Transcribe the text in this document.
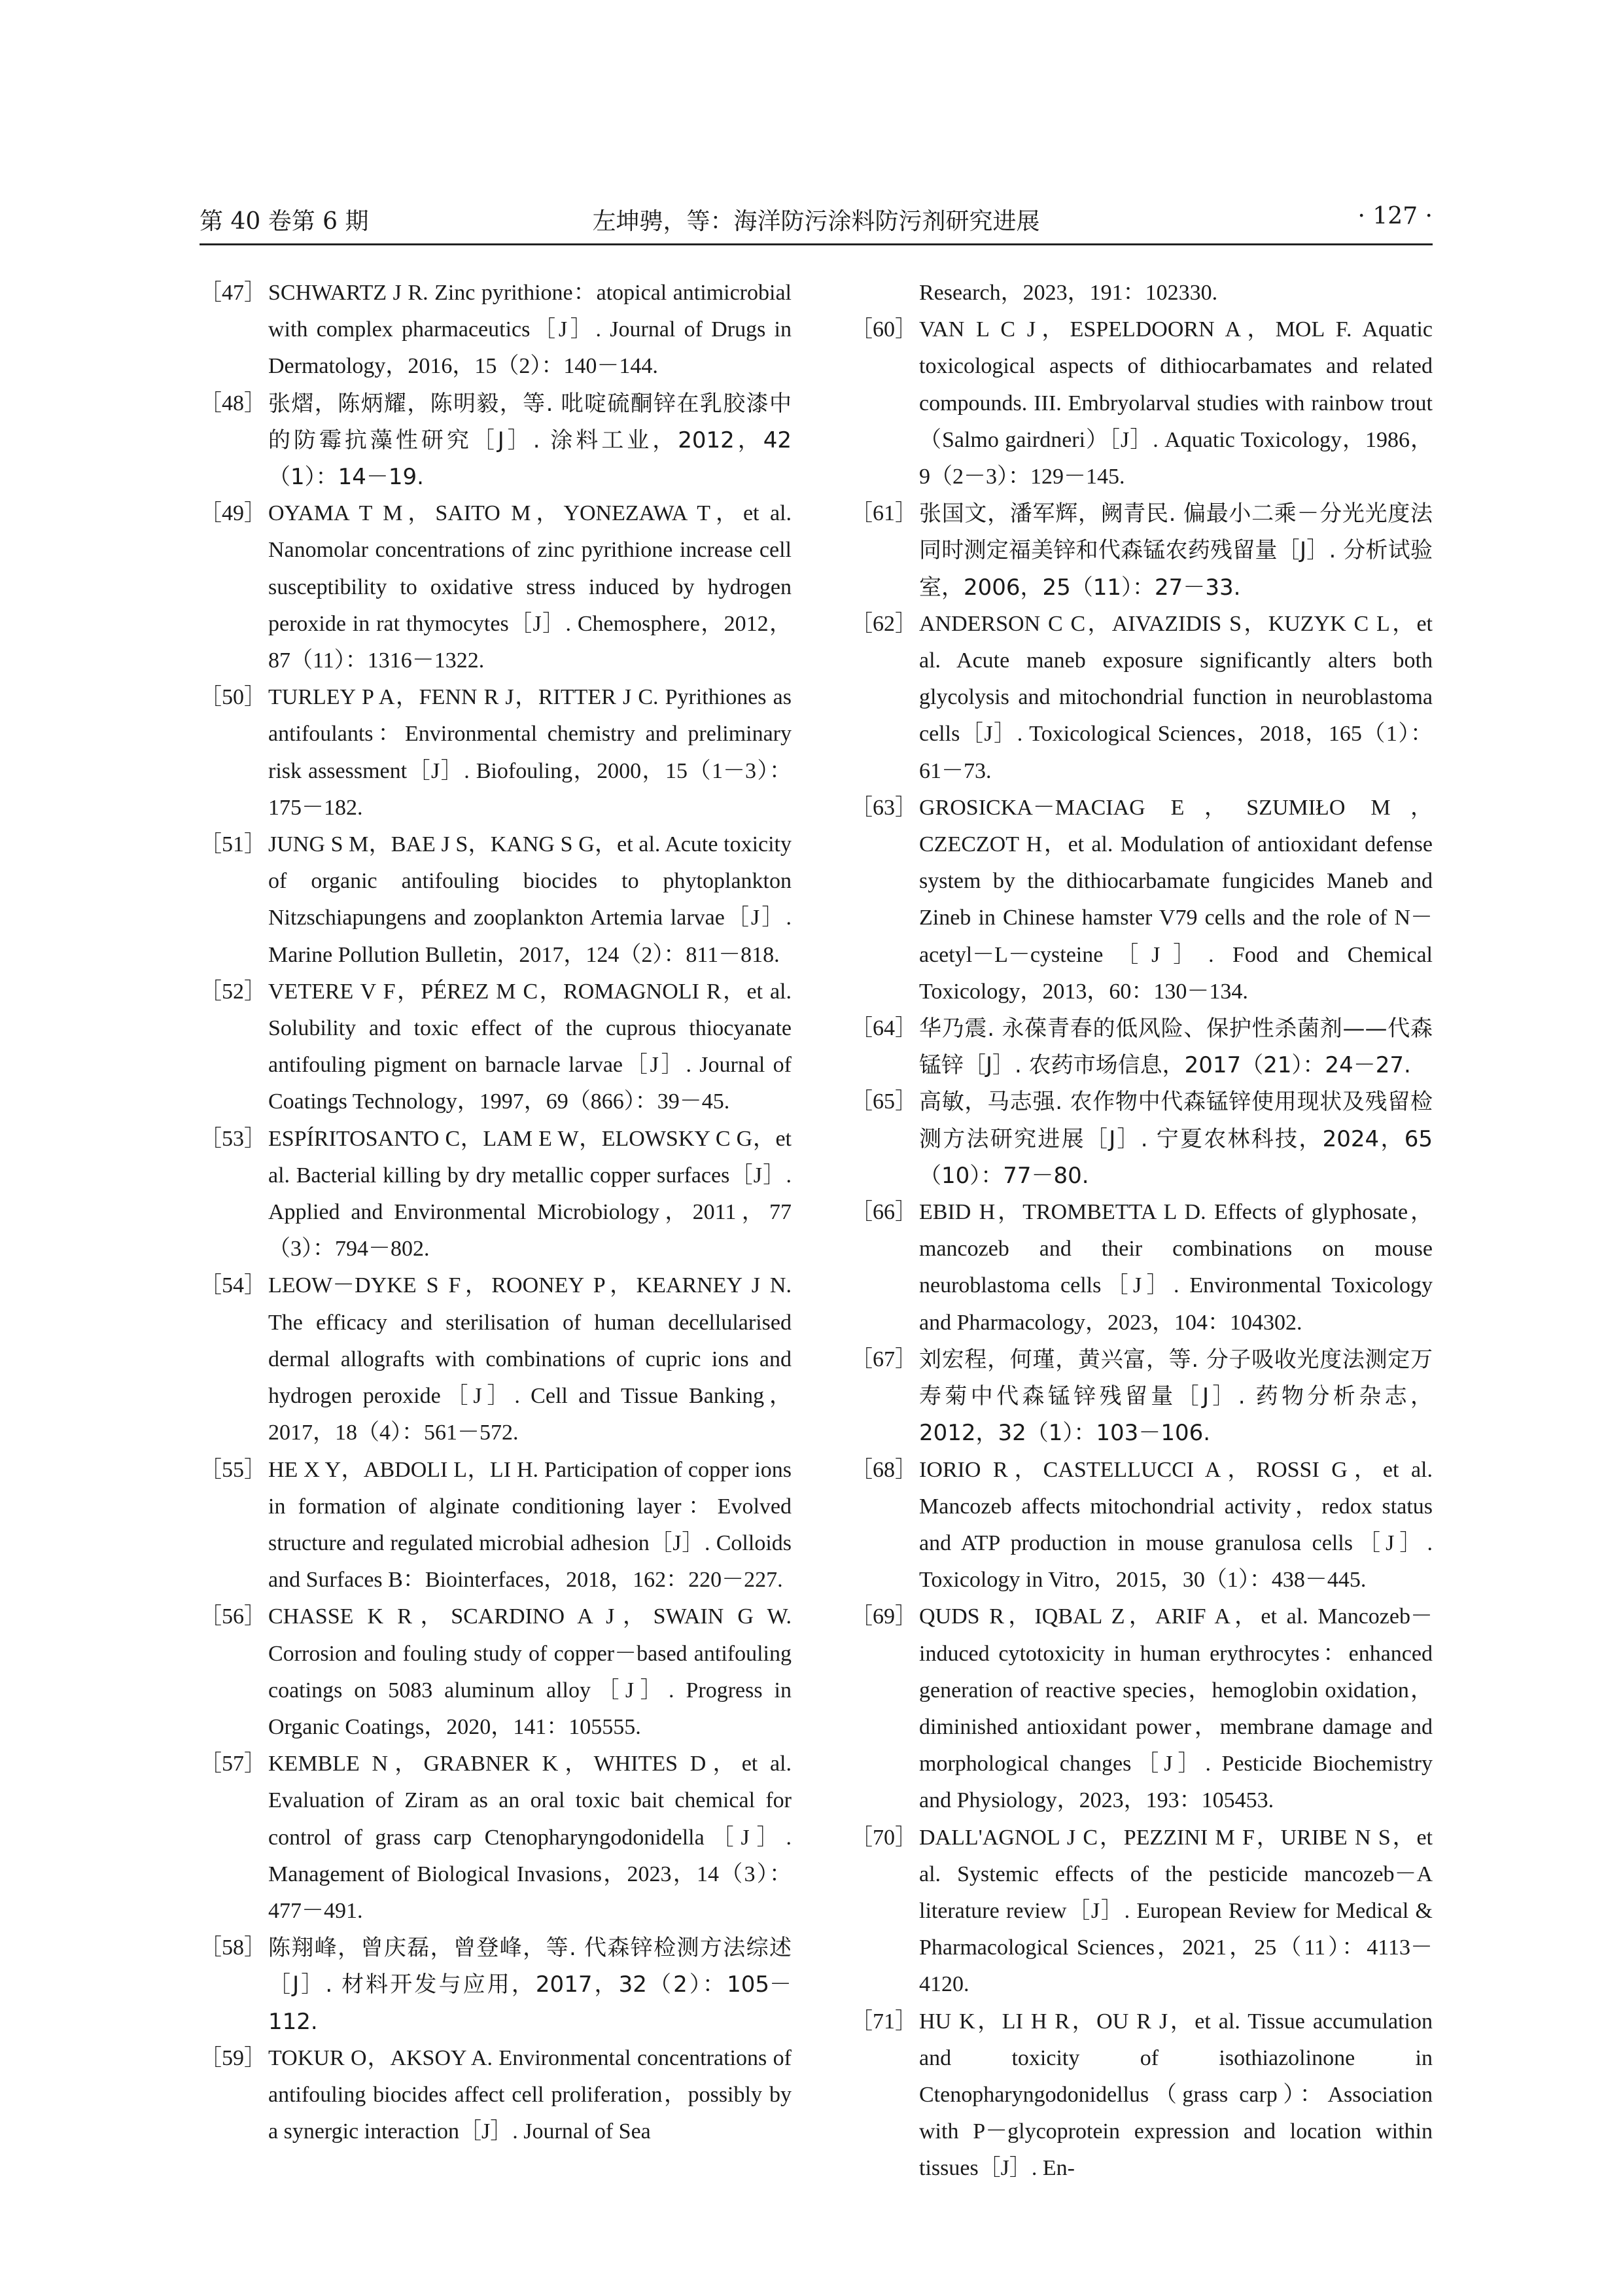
第 40 卷第 6 期	左坤骋，等：海洋防污涂料防污剂研究进展	· 127 ·

［47］ SCHWARTZ J R. Zinc pyrithione：atopical antimicrobial with complex pharmaceutics［J］. Journal of Drugs in Dermatology，2016，15（2）：140－144.

［48］ 张熠，陈炳耀，陈明毅，等. 吡啶硫酮锌在乳胶漆中的防霉抗藻性研究［J］. 涂料工业，2012，42（1）：14－19.

［49］ OYAMA T M，SAITO M，YONEZAWA T，et al. Nanomolar concentrations of zinc pyrithione increase cell susceptibility to oxidative stress induced by hydrogen peroxide in rat thymocytes［J］. Chemosphere，2012，87（11）：1316－1322.

［50］ TURLEY P A，FENN R J，RITTER J C. Pyrithiones as antifoulants：Environmental chemistry and preliminary risk assessment［J］. Biofouling，2000，15（1－3）：175－182.

［51］ JUNG S M，BAE J S，KANG S G，et al. Acute toxicity of organic antifouling biocides to phytoplankton Nitzschiapungens and zooplankton Artemia larvae［J］. Marine Pollution Bulletin，2017，124（2）：811－818.

［52］ VETERE V F，PÉREZ M C，ROMAGNOLI R，et al. Solubility and toxic effect of the cuprous thiocyanate antifouling pigment on barnacle larvae［J］. Journal of Coatings Technology，1997，69（866）：39－45.

［53］ ESPÍRITOSANTO C，LAM E W，ELOWSKY C G，et al. Bacterial killing by dry metallic copper surfaces［J］. Applied and Environmental Microbiology，2011，77（3）：794－802.

［54］ LEOW－DYKE S F，ROONEY P，KEARNEY J N. The efficacy and sterilisation of human decellularised dermal allografts with combinations of cupric ions and hydrogen peroxide［J］. Cell and Tissue Banking，2017，18（4）：561－572.

［55］ HE X Y，ABDOLI L，LI H. Participation of copper ions in formation of alginate conditioning layer：Evolved structure and regulated microbial adhesion［J］. Colloids and Surfaces B：Biointerfaces，2018，162：220－227.

［56］ CHASSE K R，SCARDINO A J，SWAIN G W. Corrosion and fouling study of copper－based antifouling coatings on 5083 aluminum alloy［J］. Progress in Organic Coatings，2020，141：105555.

［57］ KEMBLE N，GRABNER K，WHITES D，et al. Evaluation of Ziram as an oral toxic bait chemical for control of grass carp Ctenopharyngodonidella［J］. Management of Biological Invasions，2023，14（3）：477－491.

［58］ 陈翔峰，曾庆磊，曾登峰，等. 代森锌检测方法综述［J］. 材料开发与应用，2017，32（2）：105－112.

［59］ TOKUR O，AKSOY A. Environmental concentrations of antifouling biocides affect cell proliferation，possibly by a synergic interaction［J］. Journal of Sea

Research，2023，191：102330.

［60］ VAN L C J，ESPELDOORN A，MOL F. Aquatic toxicological aspects of dithiocarbamates and related compounds. III. Embryolarval studies with rainbow trout（Salmo gairdneri）［J］. Aquatic Toxicology，1986，9（2－3）：129－145.

［61］ 张国文，潘军辉，阙青民. 偏最小二乘－分光光度法同时测定福美锌和代森锰农药残留量［J］. 分析试验室，2006，25（11）：27－33.

［62］ ANDERSON C C，AIVAZIDIS S，KUZYK C L，et al. Acute maneb exposure significantly alters both glycolysis and mitochondrial function in neuroblastoma cells［J］. Toxicological Sciences，2018，165（1）：61－73.

［63］ GROSICKA－MACIAG E，SZUMIŁO M，CZECZOT H，et al. Modulation of antioxidant defense system by the dithiocarbamate fungicides Maneb and Zineb in Chinese hamster V79 cells and the role of N－acetyl－L－cysteine［J］. Food and Chemical Toxicology，2013，60：130－134.

［64］ 华乃震. 永葆青春的低风险、保护性杀菌剂——代森锰锌［J］. 农药市场信息，2017（21）：24－27.

［65］ 高敏，马志强. 农作物中代森锰锌使用现状及残留检测方法研究进展［J］. 宁夏农林科技，2024，65（10）：77－80.

［66］ EBID H，TROMBETTA L D. Effects of glyphosate，mancozeb and their combinations on mouse neuroblastoma cells［J］. Environmental Toxicology and Pharmacology，2023，104：104302.

［67］ 刘宏程，何瑾，黄兴富，等. 分子吸收光度法测定万寿菊中代森锰锌残留量［J］. 药物分析杂志，2012，32（1）：103－106.

［68］ IORIO R，CASTELLUCCI A，ROSSI G，et al. Mancozeb affects mitochondrial activity，redox status and ATP production in mouse granulosa cells［J］. Toxicology in Vitro，2015，30（1）：438－445.

［69］ QUDS R，IQBAL Z，ARIF A，et al. Mancozeb－induced cytotoxicity in human erythrocytes：enhanced generation of reactive species，hemoglobin oxidation，diminished antioxidant power，membrane damage and morphological changes［J］. Pesticide Biochemistry and Physiology，2023，193：105453.

［70］ DALL'AGNOL J C，PEZZINI M F，URIBE N S，et al. Systemic effects of the pesticide mancozeb－A literature review［J］. European Review for Medical & Pharmacological Sciences，2021，25（11）：4113－4120.

［71］ HU K，LI H R，OU R J，et al. Tissue accumulation and toxicity of isothiazolinone in Ctenopharyngodonidellus（grass carp）：Association with P－glycoprotein expression and location within tissues［J］. En-
